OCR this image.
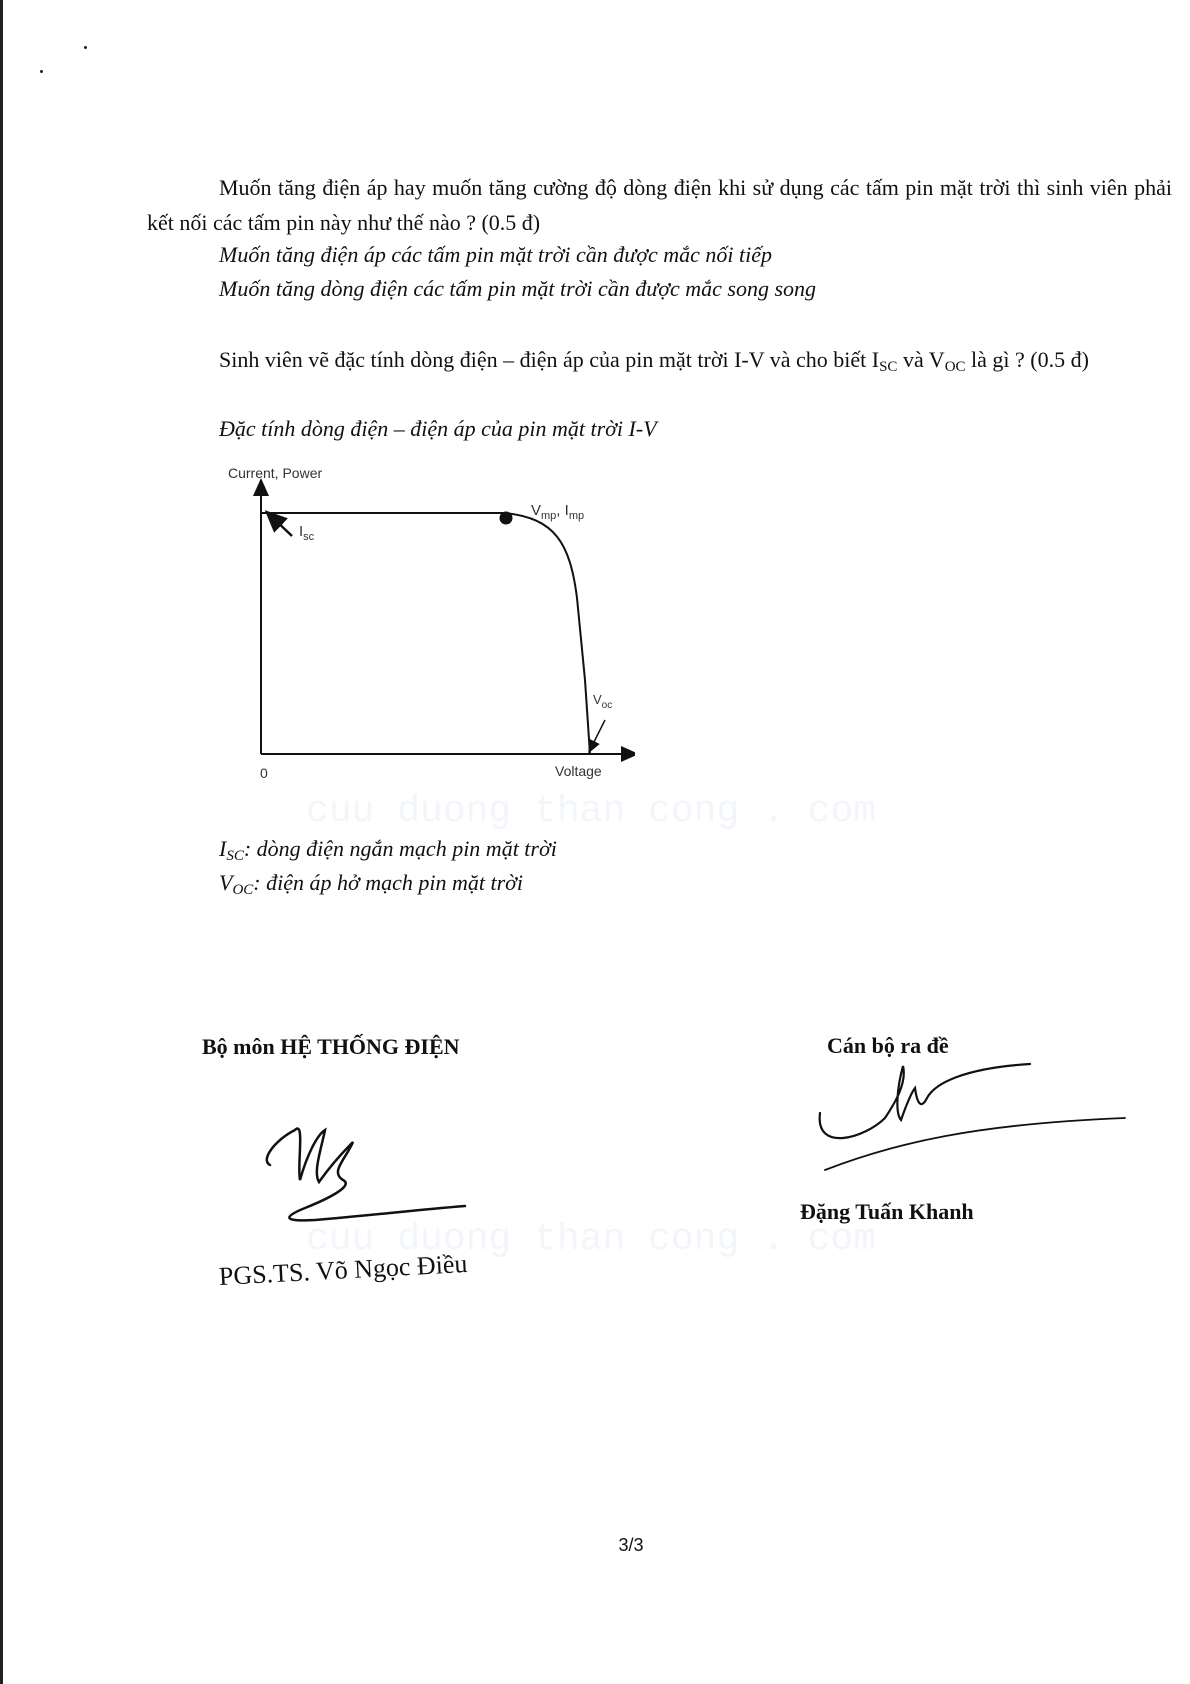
Muốn tăng điện áp hay muốn tăng cường độ dòng điện khi sử dụng các tấm pin mặt trời thì sinh viên phải kết nối các tấm pin này như thế nào ? (0.5 đ)
Muốn tăng điện áp các tấm pin mặt trời cần được mắc nối tiếp
Muốn tăng dòng điện các tấm pin mặt trời cần được mắc song song
Sinh viên vẽ đặc tính dòng điện – điện áp của pin mặt trời I-V và cho biết $I_{SC}$ và $V_{OC}$ là gì ? (0.5 đ)
Đặc tính dòng điện – điện áp của pin mặt trời I-V
Current, Power
Voltage
0
$I_{sc}$
$V_{mp}$, $I_{mp}$
$V_{oc}$
$I_{SC}$: dòng điện ngắn mạch pin mặt trời
$V_{OC}$: điện áp hở mạch pin mặt trời
cuu duong than cong . com
Bộ môn HỆ THỐNG ĐIỆN	Cán bộ ra đề
PGS.TS. Võ Ngọc Điều
Đặng Tuấn Khanh
cuu duong than cong . com
3/3
